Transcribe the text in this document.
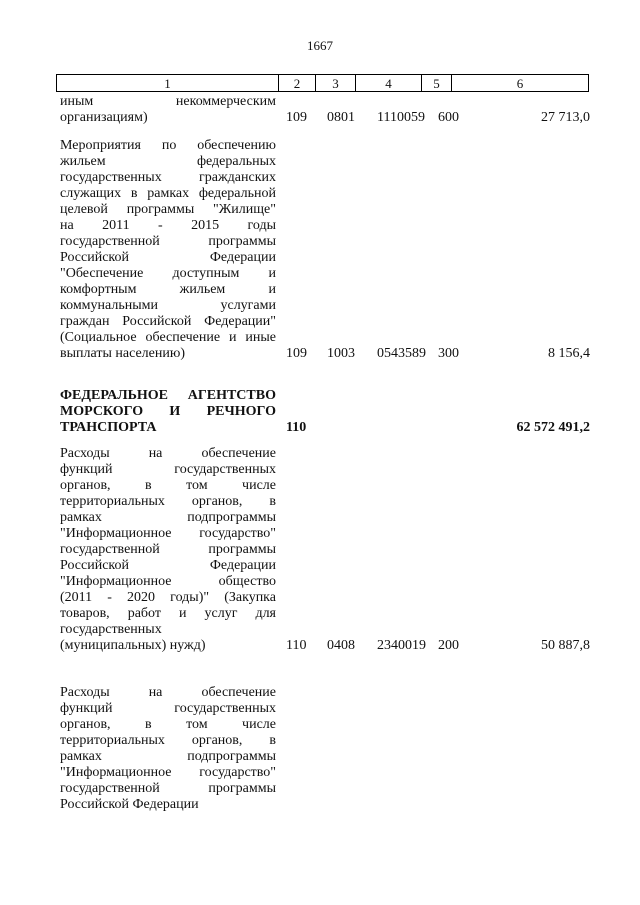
1667
1	2	3	4	5	6
иным некоммерческим
организациям)	109 0801 1110059 600	27 713,0
Мероприятия по обеспечению
жильем федеральных
государственных гражданских
служащих в рамках федеральной
целевой программы "Жилище"
на 2011 - 2015 годы
государственной программы
Российской Федерации
"Обеспечение доступным и
комфортным жильем и
коммунальными услугами
граждан Российской Федерации"
(Социальное обеспечение и иные
выплаты населению)	109 1003 0543589 300	8 156,4
ФЕДЕРАЛЬНОЕ АГЕНТСТВО
МОРСКОГО И РЕЧНОГО
ТРАНСПОРТА	110	62 572 491,2
Расходы на обеспечение
функций государственных
органов, в том числе
территориальных органов, в
рамках подпрограммы
"Информационное государство"
государственной программы
Российской Федерации
"Информационное общество
(2011 - 2020 годы)" (Закупка
товаров, работ и услуг для
государственных
(муниципальных) нужд)	110 0408 2340019 200	50 887,8
Расходы на обеспечение
функций государственных
органов, в том числе
территориальных органов, в
рамках подпрограммы
"Информационное государство"
государственной программы
Российской Федерации
